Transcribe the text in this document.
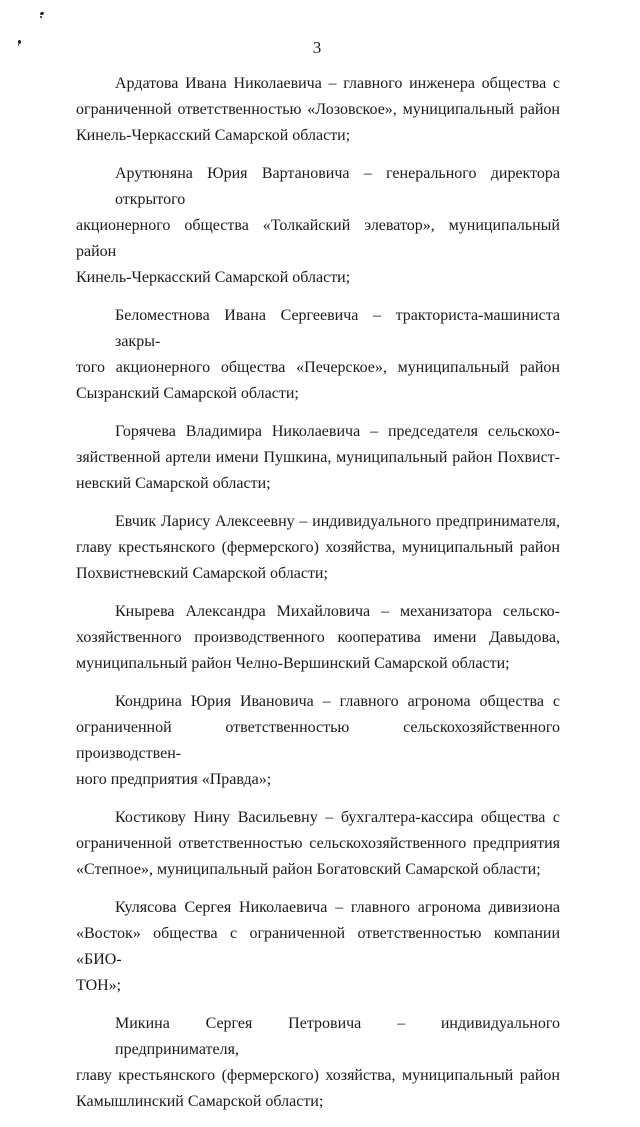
3

Ардатова Ивана Николаевича – главного инженера общества с
ограниченной ответственностью «Лозовское», муниципальный район
Кинель-Черкасский Самарской области;

Арутюняна Юрия Вартановича – генерального директора открытого
акционерного общества «Толкайский элеватор», муниципальный район
Кинель-Черкасский Самарской области;

Беломестнова Ивана Сергеевича – тракториста-машиниста закры-
того акционерного общества «Печерское», муниципальный район
Сызранский Самарской области;

Горячева Владимира Николаевича – председателя сельскохо-
зяйственной артели имени Пушкина, муниципальный район Похвист-
невский Самарской области;

Евчик Ларису Алексеевну – индивидуального предпринимателя,
главу крестьянского (фермерского) хозяйства, муниципальный район
Похвистневский Самарской области;

Кнырева Александра Михайловича – механизатора сельско-
хозяйственного производственного кооператива имени Давыдова,
муниципальный район Челно-Вершинский Самарской области;

Кондрина Юрия Ивановича – главного агронома общества с
ограниченной ответственностью сельскохозяйственного производствен-
ного предприятия «Правда»;

Костикову Нину Васильевну – бухгалтера-кассира общества с
ограниченной ответственностью сельскохозяйственного предприятия
«Степное», муниципальный район Богатовский Самарской области;

Кулясова Сергея Николаевича – главного агронома дивизиона
«Восток» общества с ограниченной ответственностью компании «БИО-
ТОН»;

Микина Сергея Петровича – индивидуального предпринимателя,
главу крестьянского (фермерского) хозяйства, муниципальный район
Камышлинский Самарской области;
